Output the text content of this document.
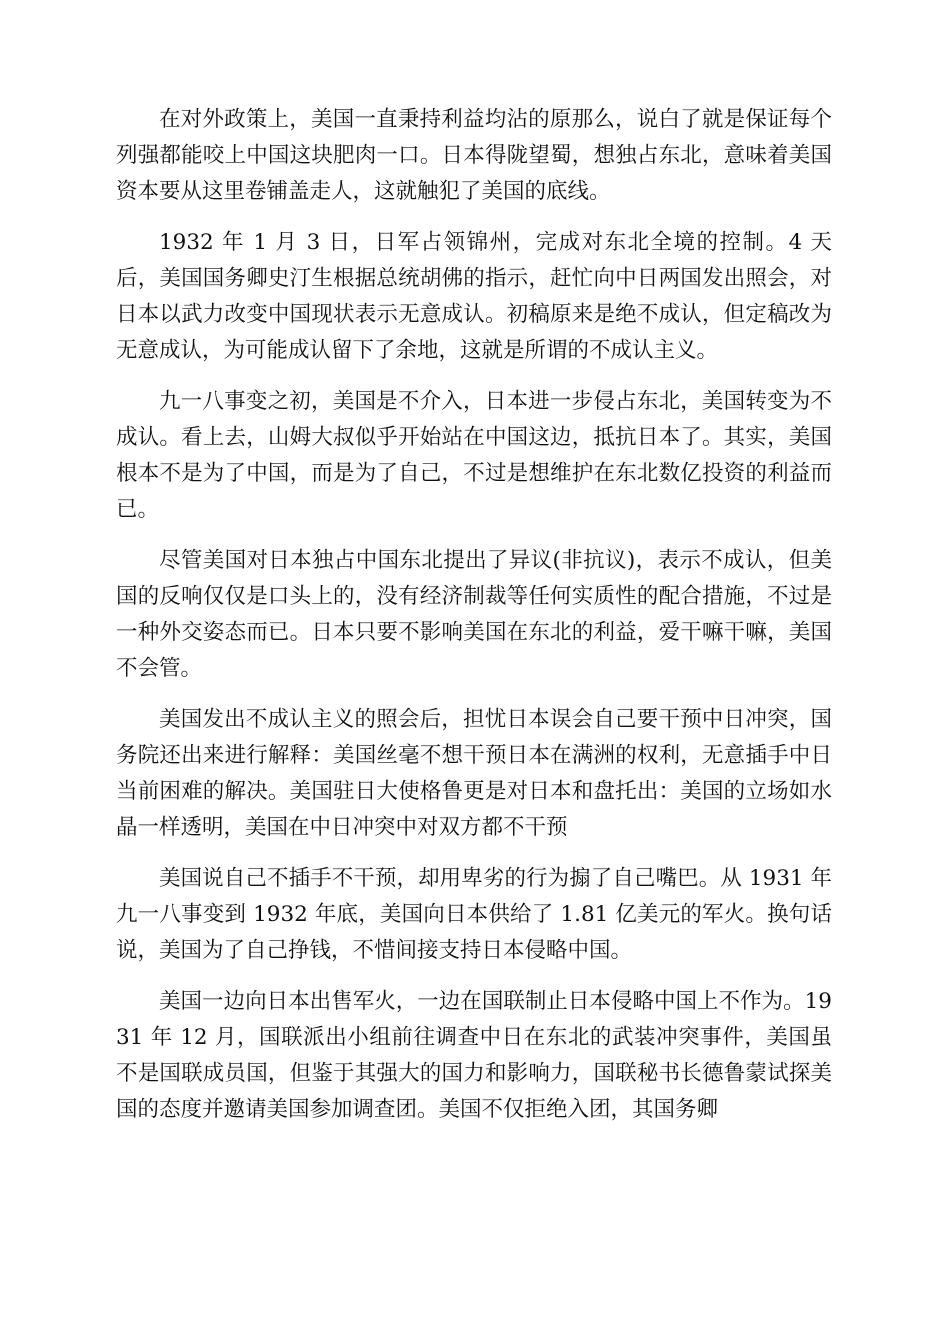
在对外政策上，美国一直秉持利益均沾的原那么，说白了就是保证每个列强都能咬上中国这块肥肉一口。日本得陇望蜀，想独占东北，意味着美国资本要从这里卷铺盖走人，这就触犯了美国的底线。

1932 年 1 月 3 日，日军占领锦州，完成对东北全境的控制。4 天后，美国国务卿史汀生根据总统胡佛的指示，赶忙向中日两国发出照会，对日本以武力改变中国现状表示无意成认。初稿原来是绝不成认，但定稿改为无意成认，为可能成认留下了余地，这就是所谓的不成认主义。

九一八事变之初，美国是不介入，日本进一步侵占东北，美国转变为不成认。看上去，山姆大叔似乎开始站在中国这边，抵抗日本了。其实，美国根本不是为了中国，而是为了自己，不过是想维护在东北数亿投资的利益而已。

尽管美国对日本独占中国东北提出了异议(非抗议)，表示不成认，但美国的反响仅仅是口头上的，没有经济制裁等任何实质性的配合措施，不过是一种外交姿态而已。日本只要不影响美国在东北的利益，爱干嘛干嘛，美国不会管。

美国发出不成认主义的照会后，担忧日本误会自己要干预中日冲突，国务院还出来进行解释：美国丝毫不想干预日本在满洲的权利，无意插手中日当前困难的解决。美国驻日大使格鲁更是对日本和盘托出：美国的立场如水晶一样透明，美国在中日冲突中对双方都不干预

美国说自己不插手不干预，却用卑劣的行为搧了自己嘴巴。从 1931 年九一八事变到 1932 年底，美国向日本供给了 1.81 亿美元的军火。换句话说，美国为了自己挣钱，不惜间接支持日本侵略中国。

美国一边向日本出售军火，一边在国联制止日本侵略中国上不作为。1931 年 12 月，国联派出小组前往调查中日在东北的武装冲突事件，美国虽不是国联成员国，但鉴于其强大的国力和影响力，国联秘书长德鲁蒙试探美国的态度并邀请美国参加调查团。美国不仅拒绝入团，其国务卿
